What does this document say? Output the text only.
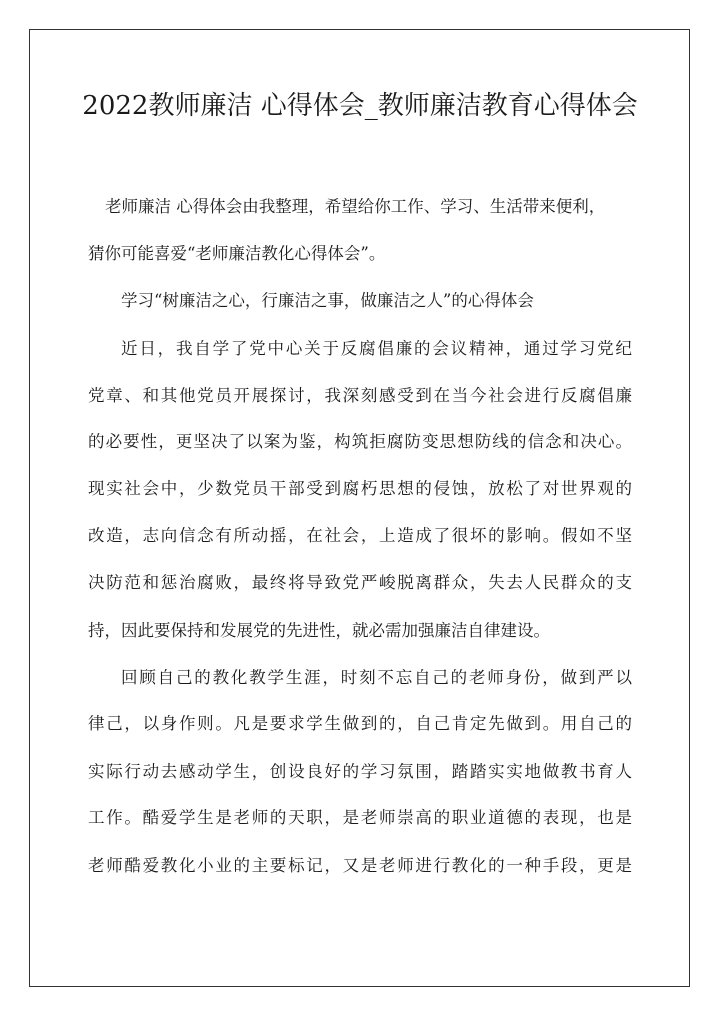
2022教师廉洁 心得体会_教师廉洁教育心得体会

老师廉洁 心得体会由我整理，希望给你工作、学习、生活带来便利，

猜你可能喜爱“老师廉洁教化心得体会”。

学习“树廉洁之心，行廉洁之事，做廉洁之人”的心得体会

近日，我自学了党中心关于反腐倡廉的会议精神，通过学习党纪

党章、和其他党员开展探讨，我深刻感受到在当今社会进行反腐倡廉

的必要性，更坚决了以案为鉴，构筑拒腐防变思想防线的信念和决心。

现实社会中，少数党员干部受到腐朽思想的侵蚀，放松了对世界观的

改造，志向信念有所动摇，在社会，上造成了很坏的影响。假如不坚

决防范和惩治腐败，最终将导致党严峻脱离群众，失去人民群众的支

持，因此要保持和发展党的先进性，就必需加强廉洁自律建设。

回顾自己的教化教学生涯，时刻不忘自己的老师身份，做到严以

律己，以身作则。凡是要求学生做到的，自己肯定先做到。用自己的

实际行动去感动学生，创设良好的学习氛围，踏踏实实地做教书育人

工作。酷爱学生是老师的天职，是老师崇高的职业道德的表现，也是

老师酷爱教化小业的主要标记，又是老师进行教化的一种手段，更是
